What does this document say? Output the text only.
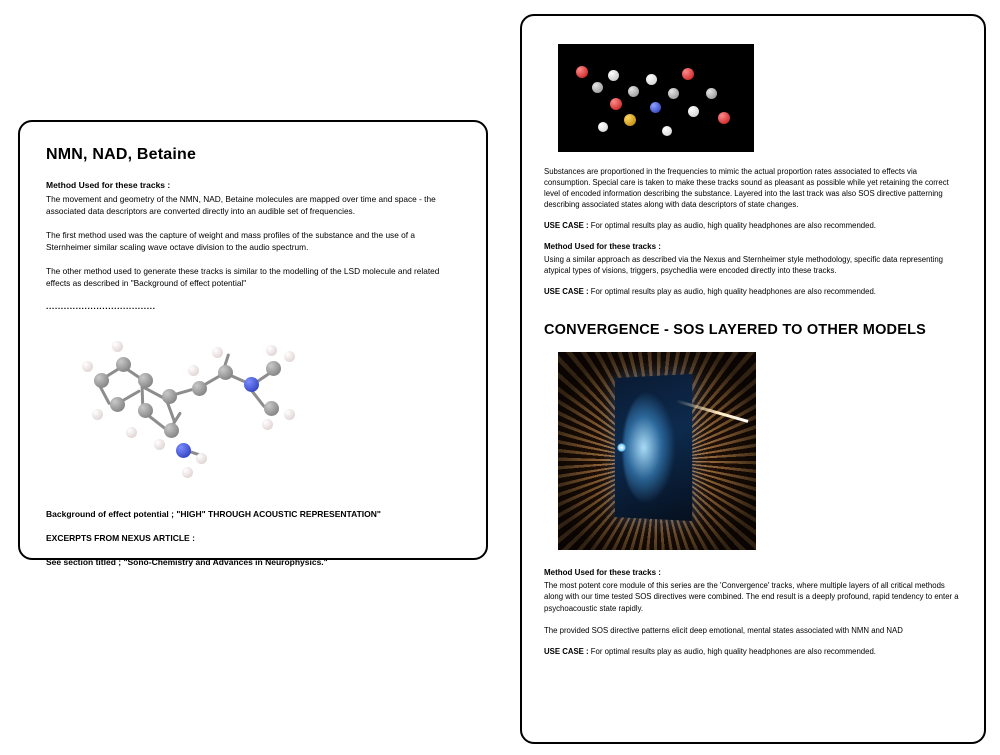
NMN, NAD, Betaine
Method Used for these tracks :
The movement and geometry of the NMN, NAD, Betaine molecules are mapped over time and space - the associated data descriptors are converted directly into an audible set of frequencies.
The first method used was the capture of weight and mass profiles of the substance and the use of a Sternheimer similar scaling wave octave division to the audio spectrum.
The other method used to generate these tracks is similar to the modelling of the LSD molecule and related effects as described in "Background of effect potential"
.....................................
Background of effect potential ; "HIGH" THROUGH ACOUSTIC REPRESENTATION"
EXCERPTS FROM NEXUS ARTICLE :
See section titled ; "Sono-Chemistry and Advances in Neurophysics."
Substances are proportioned in the frequencies to mimic the actual proportion rates associated to effects via consumption. Special care is taken to make these tracks sound as pleasant as possible while yet retaining the correct level of encoded information describing the substance. Layered into the last track was also SOS directive patterning describing associated states along with data descriptors of state changes.
USE CASE : For optimal results play as audio, high quality headphones are also recommended.
Method Used for these tracks :
Using a similar approach as described via the Nexus and Sternheimer style methodology, specific data representing atypical types of visions, triggers, psychedlia were encoded directly into these tracks.
USE CASE : For optimal results play as audio, high quality headphones are also recommended.
CONVERGENCE - SOS LAYERED TO OTHER MODELS
Method Used for these tracks :
The most potent core module of this series are the 'Convergence' tracks, where multiple layers of all critical methods along with our time tested SOS directives were combined. The end result is a deeply profound, rapid tendency to enter a psychoacoustic state rapidly.
The provided SOS directive patterns elicit deep emotional, mental states associated with NMN and NAD
USE CASE : For optimal results play as audio, high quality headphones are also recommended.
